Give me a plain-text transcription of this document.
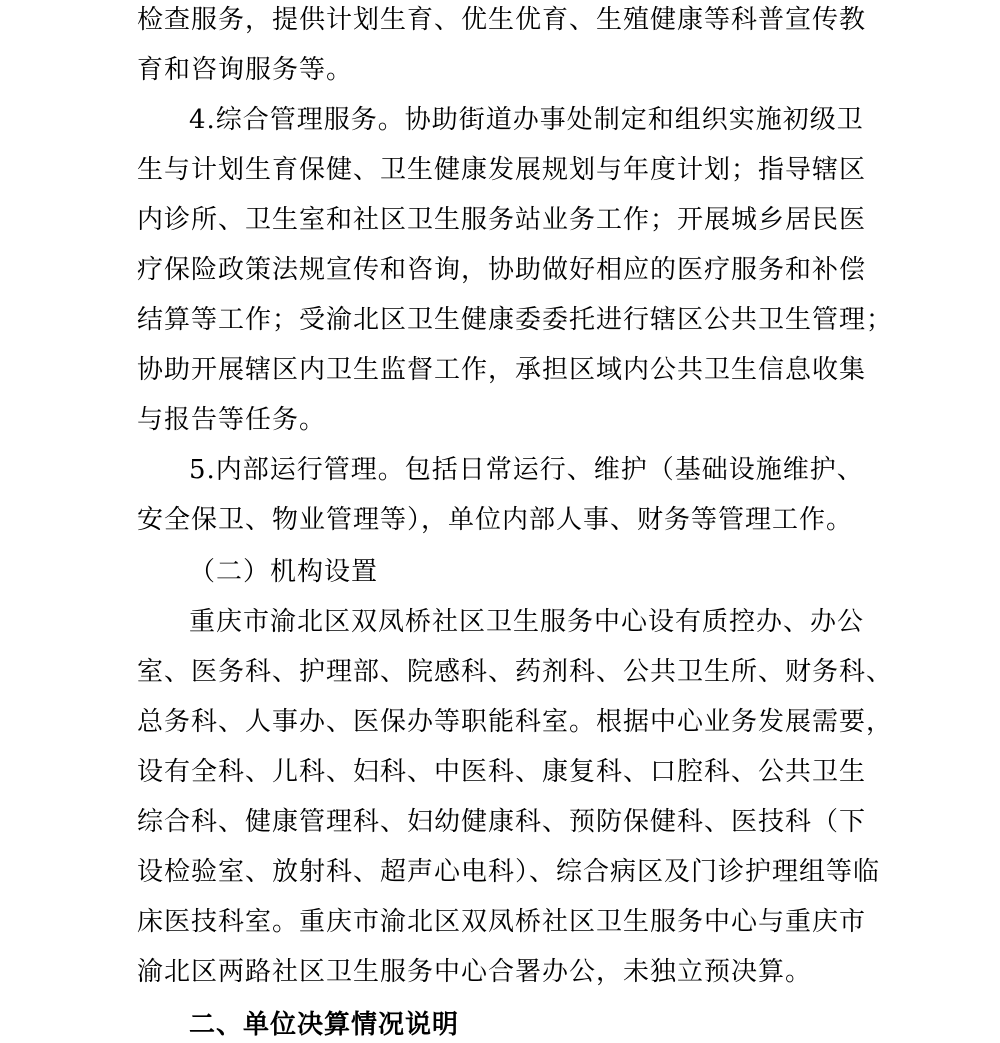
检查服务，提供计划生育、优生优育、生殖健康等科普宣传教
育和咨询服务等。
4.综合管理服务。协助街道办事处制定和组织实施初级卫
生与计划生育保健、卫生健康发展规划与年度计划；指导辖区
内诊所、卫生室和社区卫生服务站业务工作；开展城乡居民医
疗保险政策法规宣传和咨询，协助做好相应的医疗服务和补偿
结算等工作；受渝北区卫生健康委委托进行辖区公共卫生管理；
协助开展辖区内卫生监督工作，承担区域内公共卫生信息收集
与报告等任务。
5.内部运行管理。包括日常运行、维护（基础设施维护、
安全保卫、物业管理等），单位内部人事、财务等管理工作。
（二）机构设置
重庆市渝北区双凤桥社区卫生服务中心设有质控办、办公
室、医务科、护理部、院感科、药剂科、公共卫生所、财务科、
总务科、人事办、医保办等职能科室。根据中心业务发展需要，
设有全科、儿科、妇科、中医科、康复科、口腔科、公共卫生
综合科、健康管理科、妇幼健康科、预防保健科、医技科（下
设检验室、放射科、超声心电科）、综合病区及门诊护理组等临
床医技科室。重庆市渝北区双凤桥社区卫生服务中心与重庆市
渝北区两路社区卫生服务中心合署办公，未独立预决算。
二、单位决算情况说明
